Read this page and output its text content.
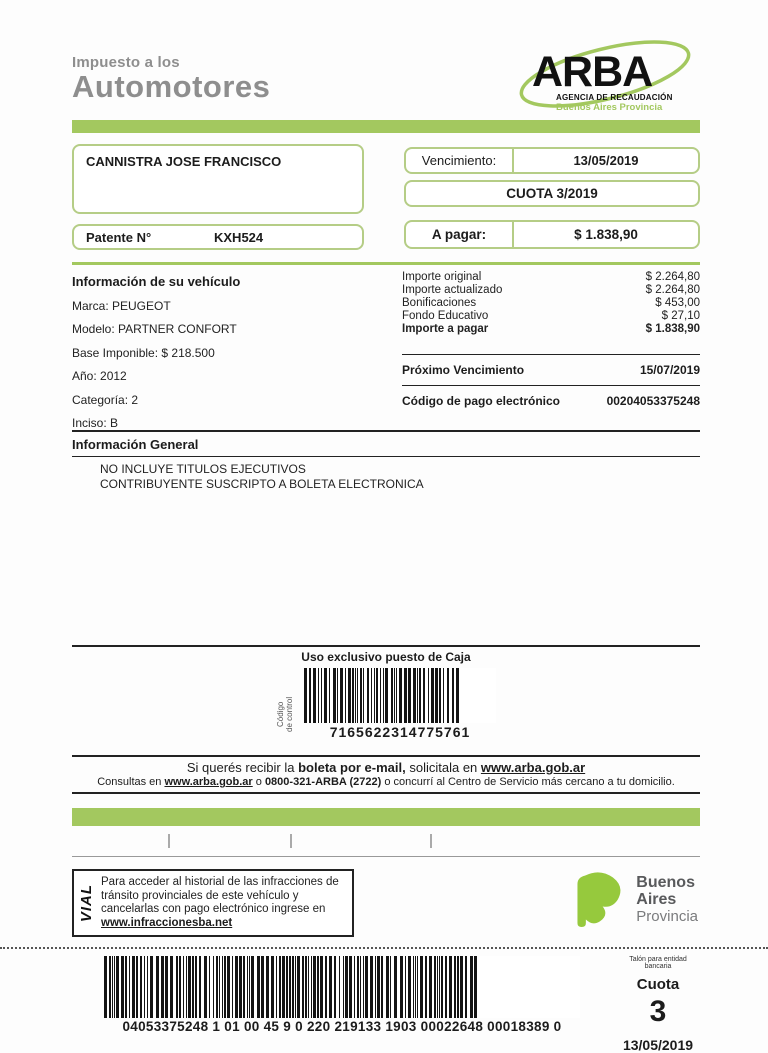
Impuesto a los
Automotores	ARBA
AGENCIA DE RECAUDACIÓN
Buenos Aires Provincia
CANNISTRA JOSE FRANCISCO
Patente N°	KXH524
Vencimiento:	13/05/2019
CUOTA 3/2019
A pagar:	$ 1.838,90
Información de su vehículo
Marca: PEUGEOT
Modelo: PARTNER CONFORT
Base Imponible: $ 218.500
Año: 2012
Categoría: 2
Inciso: B
Importe original	$ 2.264,80
Importe actualizado	$ 2.264,80
Bonificaciones	$ 453,00
Fondo Educativo	$ 27,10
Importe a pagar	$ 1.838,90
Próximo Vencimiento	15/07/2019
Código de pago electrónico	00204053375248
Información General
NO INCLUYE TITULOS EJECUTIVOS
CONTRIBUYENTE SUSCRIPTO A BOLETA ELECTRONICA
Uso exclusivo puesto de Caja
Código
de control
7165622314775761
Si querés recibir la boleta por e-mail, solicitala en www.arba.gob.ar
Consultas en www.arba.gob.ar o 0800-321-ARBA (2722) o concurrí al Centro de Servicio más cercano a tu domicilio.
VIAL
Para acceder al historial de las infracciones de tránsito provinciales de este vehículo y cancelarlas con pago electrónico ingrese en www.infraccionesba.net
Buenos
Aires
Provincia
04053375248 1 01 00 45 9 0 220 219133 1903 00022648 00018389 0
Talón para entidad bancaria
Cuota
3
13/05/2019
